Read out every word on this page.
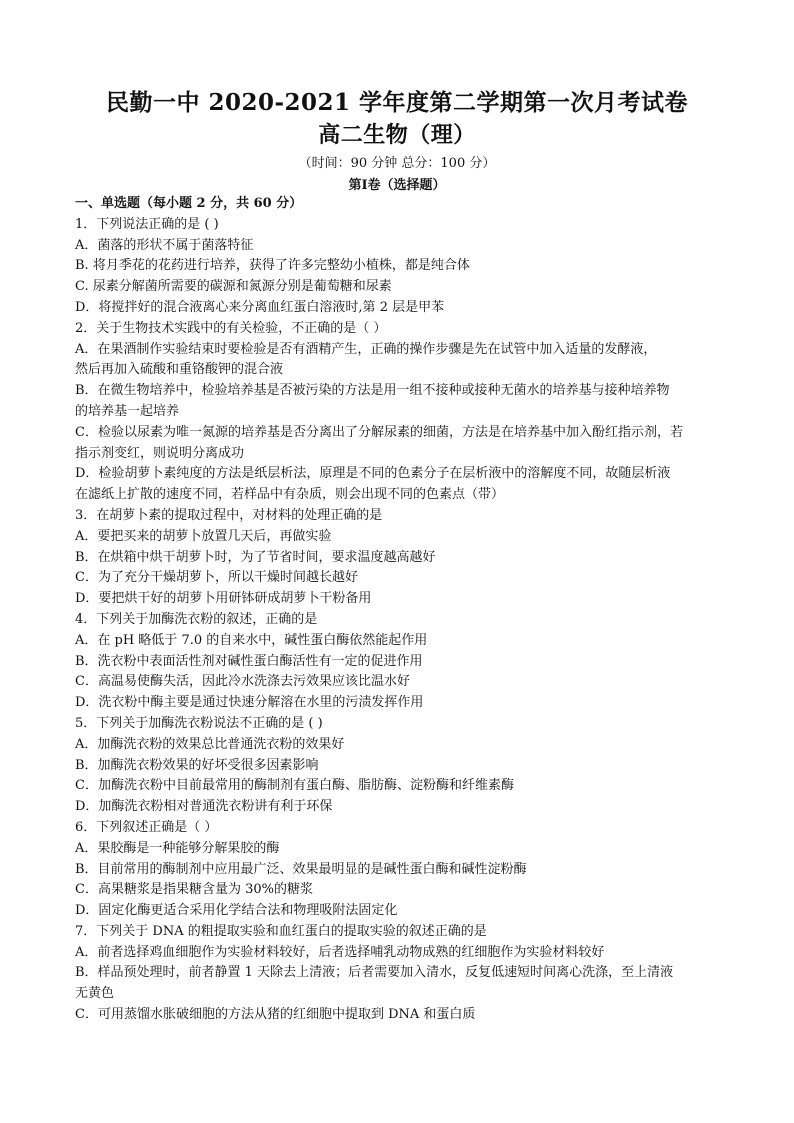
民勤一中 2020-2021 学年度第二学期第一次月考试卷
高二生物（理）
（时间：90 分钟 总分：100 分）
第Ⅰ卷（选择题）
一、单选题（每小题 2 分，共 60 分）
1．下列说法正确的是 ( )
A．菌落的形状不属于菌落特征
B. 将月季花的花药进行培养，获得了许多完整幼小植株，都是纯合体
C. 尿素分解菌所需要的碳源和氮源分别是葡萄糖和尿素
D．将搅拌好的混合液离心来分离血红蛋白溶液时,第 2 层是甲苯
2．关于生物技术实践中的有关检验，不正确的是（ ）
A．在果酒制作实验结束时要检验是否有酒精产生，正确的操作步骤是先在试管中加入适量的发酵液，
然后再加入硫酸和重铬酸钾的混合液
B．在微生物培养中，检验培养基是否被污染的方法是用一组不接种或接种无菌水的培养基与接种培养物
的培养基一起培养
C．检验以尿素为唯一氮源的培养基是否分离出了分解尿素的细菌，方法是在培养基中加入酚红指示剂，若
指示剂变红，则说明分离成功
D．检验胡萝卜素纯度的方法是纸层析法，原理是不同的色素分子在层析液中的溶解度不同，故随层析液
在滤纸上扩散的速度不同，若样品中有杂质，则会出现不同的色素点（带）
3．在胡萝卜素的提取过程中，对材料的处理正确的是
A．要把买来的胡萝卜放置几天后，再做实验
B．在烘箱中烘干胡萝卜时，为了节省时间，要求温度越高越好
C．为了充分干燥胡萝卜，所以干燥时间越长越好
D．要把烘干好的胡萝卜用研钵研成胡萝卜干粉备用
4．下列关于加酶洗衣粉的叙述，正确的是
A．在 pH 略低于 7.0 的自来水中，碱性蛋白酶依然能起作用
B．洗衣粉中表面活性剂对碱性蛋白酶活性有一定的促进作用
C．高温易使酶失活，因此冷水洗涤去污效果应该比温水好
D．洗衣粉中酶主要是通过快速分解溶在水里的污渍发挥作用
5．下列关于加酶洗衣粉说法不正确的是 ( )
A．加酶洗衣粉的效果总比普通洗衣粉的效果好
B．加酶洗衣粉效果的好坏受很多因素影响
C．加酶洗衣粉中目前最常用的酶制剂有蛋白酶、脂肪酶、淀粉酶和纤维素酶
D．加酶洗衣粉相对普通洗衣粉讲有利于环保
6．下列叙述正确是（ ）
A．果胶酶是一种能够分解果胶的酶
B．目前常用的酶制剂中应用最广泛、效果最明显的是碱性蛋白酶和碱性淀粉酶
C．高果糖浆是指果糖含量为 30%的糖浆
D．固定化酶更适合采用化学结合法和物理吸附法固定化
7．下列关于 DNA 的粗提取实验和血红蛋白的提取实验的叙述正确的是
A．前者选择鸡血细胞作为实验材料较好，后者选择哺乳动物成熟的红细胞作为实验材料较好
B．样品预处理时，前者静置 1 天除去上清液；后者需要加入清水，反复低速短时间离心洗涤，至上清液
无黄色
C．可用蒸馏水胀破细胞的方法从猪的红细胞中提取到 DNA 和蛋白质
